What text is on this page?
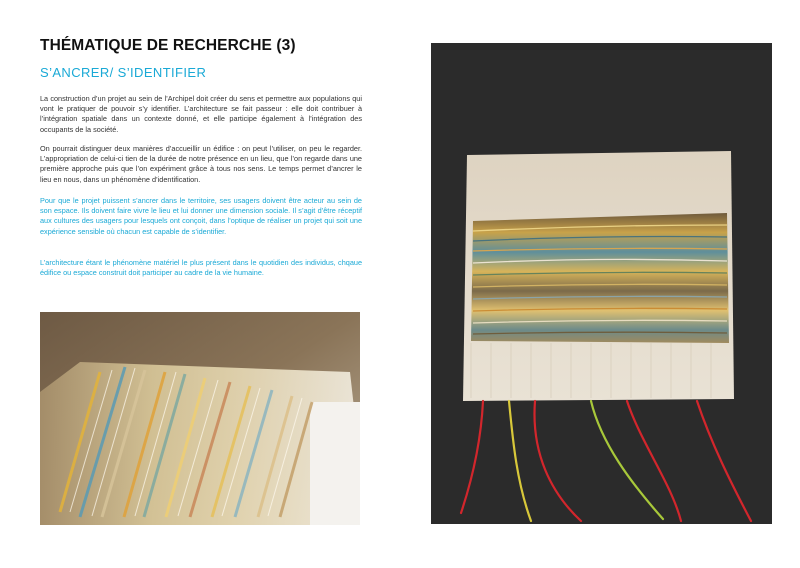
THÉMATIQUE DE RECHERCHE (3)
S’ANCRER/ S’IDENTIFIER

La construction d’un projet au sein de l’Archipel doit créer du sens et permettre aux populations qui vont le pratiquer de pouvoir s’y identifier. L’architecture se fait passeur : elle doit contribuer à l’intégration spatiale dans un contexte donné, et elle participe également à l’intégration des occupants de la société.

On pourrait distinguer deux manières d’accueillir un édifice : on peut l’utiliser, on peu le regarder. L’appropriation de celui-ci tien de la durée de notre présence en un lieu, que l’on regarde dans une première approche puis que l’on expériment grâce à tous nos sens. Le temps permet d’ancrer le lieu en nous, dans un phénomène d’identification.

Pour que le projet puissent s’ancrer dans le territoire, ses usagers doivent être acteur au sein de son espace. Ils doivent faire vivre le lieu et lui donner une dimension sociale. Il s’agit d’être réceptif aux cultures des usagers pour lesquels ont conçoit, dans l’optique de réaliser un projet qui soit une expérience sensible où chacun est capable de s’identifier.

L’architecture étant le phénomène matériel le plus présent dans le quotidien des individus, chqaue édifice ou espace construit doit participer au cadre de la vie humaine.
